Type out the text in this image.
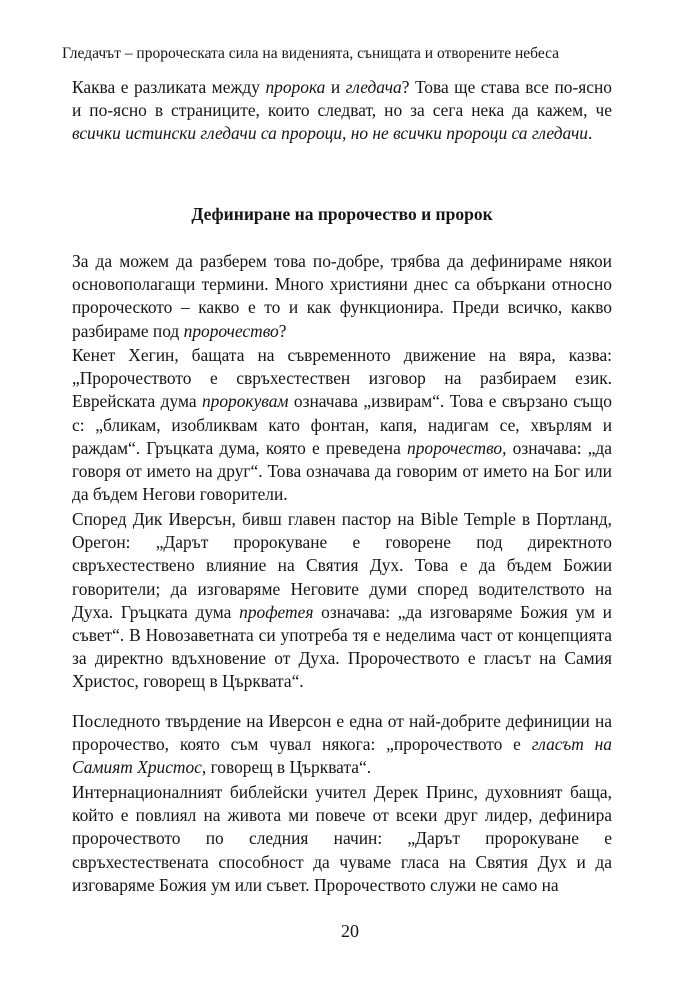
Гледачът – пророческата сила на виденията, сънищата и отворените небеса

Каква е разликата между пророка и гледача? Това ще става все по-ясно и по-ясно в страниците, които следват, но за сега нека да кажем, че всички истински гледачи са пророци, но не всички пророци са гледачи.

Дефиниране на пророчество и пророк

За да можем да разберем това по-добре, трябва да дефинираме някои основополагащи термини. Много християни днес са объркани относно пророческото – какво е то и как функционира. Преди всичко, какво разбираме под пророчество?

Кенет Хегин, бащата на съвременното движение на вяра, казва: „Пророчеството е свръхестествен изговор на разбираем език. Еврейската дума пророкувам означава „извирам“. Това е свързано също с: „бликам, изобликвам като фонтан, капя, надигам се, хвърлям и раждам“. Гръцката дума, която е преведена пророчество, означава: „да говоря от името на друг“. Това означава да говорим от името на Бог или да бъдем Негови говорители.

Според Дик Иверсън, бивш главен пастор на Bible Temple в Портланд, Орегон: „Дарът пророкуване е говорене под директното свръхестествено влияние на Святия Дух. Това е да бъдем Божии говорители; да изговаряме Неговите думи според водителството на Духа. Гръцката дума профетея означава: „да изговаряме Божия ум и съвет“. В Новозаветната си употреба тя е неделима част от концепцията за директно вдъхновение от Духа. Пророчеството е гласът на Самия Христос, говорещ в Църквата“.

Последното твърдение на Иверсон е една от най-добрите дефиниции на пророчество, която съм чувал някога: „пророчеството е гласът на Самият Христос, говорещ в Църквата“.

Интернационалният библейски учител Дерек Принс, духовният баща, който е повлиял на живота ми повече от всеки друг лидер, дефинира пророчеството по следния начин: „Дарът пророкуване е свръхестествената способност да чуваме гласа на Святия Дух и да изговаряме Божия ум или съвет. Пророчеството служи не само на

20
